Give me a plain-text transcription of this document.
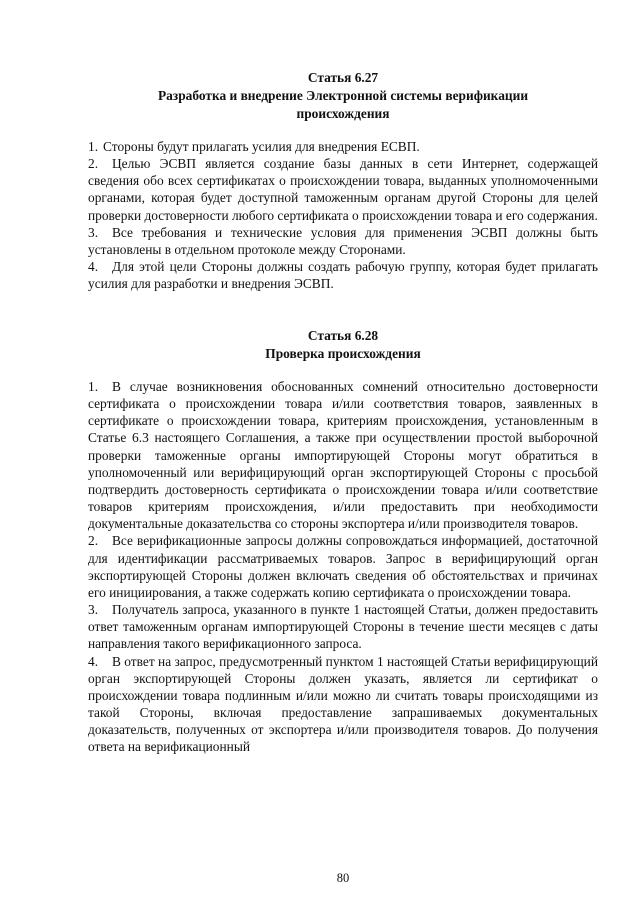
Статья 6.27
Разработка и внедрение Электронной системы верификации
происхождения

1. Стороны будут прилагать усилия для внедрения ЕСВП.

2. Целью ЭСВП является создание базы данных в сети Интернет, содержащей сведения обо всех сертификатах о происхождении товара, выданных уполномоченными органами, которая будет доступной таможенным органам другой Стороны для целей проверки достоверности любого сертификата о происхождении товара и его содержания.

3. Все требования и технические условия для применения ЭСВП должны быть установлены в отдельном протоколе между Сторонами.

4. Для этой цели Стороны должны создать рабочую группу, которая будет прилагать усилия для разработки и внедрения ЭСВП.

Статья 6.28
Проверка происхождения

1. В случае возникновения обоснованных сомнений относительно достоверности сертификата о происхождении товара и/или соответствия товаров, заявленных в сертификате о происхождении товара, критериям происхождения, установленным в Статье 6.3 настоящего Соглашения, а также при осуществлении простой выборочной проверки таможенные органы импортирующей Стороны могут обратиться в уполномоченный или верифицирующий орган экспортирующей Стороны с просьбой подтвердить достоверность сертификата о происхождении товара и/или соответствие товаров критериям происхождения, и/или предоставить при необходимости документальные доказательства со стороны экспортера и/или производителя товаров.

2. Все верификационные запросы должны сопровождаться информацией, достаточной для идентификации рассматриваемых товаров. Запрос в верифицирующий орган экспортирующей Стороны должен включать сведения об обстоятельствах и причинах его инициирования, а также содержать копию сертификата о происхождении товара.

3. Получатель запроса, указанного в пункте 1 настоящей Статьи, должен предоставить ответ таможенным органам импортирующей Стороны в течение шести месяцев с даты направления такого верификационного запроса.

4. В ответ на запрос, предусмотренный пунктом 1 настоящей Статьи верифицирующий орган экспортирующей Стороны должен указать, является ли сертификат о происхождении товара подлинным и/или можно ли считать товары происходящими из такой Стороны, включая предоставление запрашиваемых документальных доказательств, полученных от экспортера и/или производителя товаров. До получения ответа на верификационный

80
